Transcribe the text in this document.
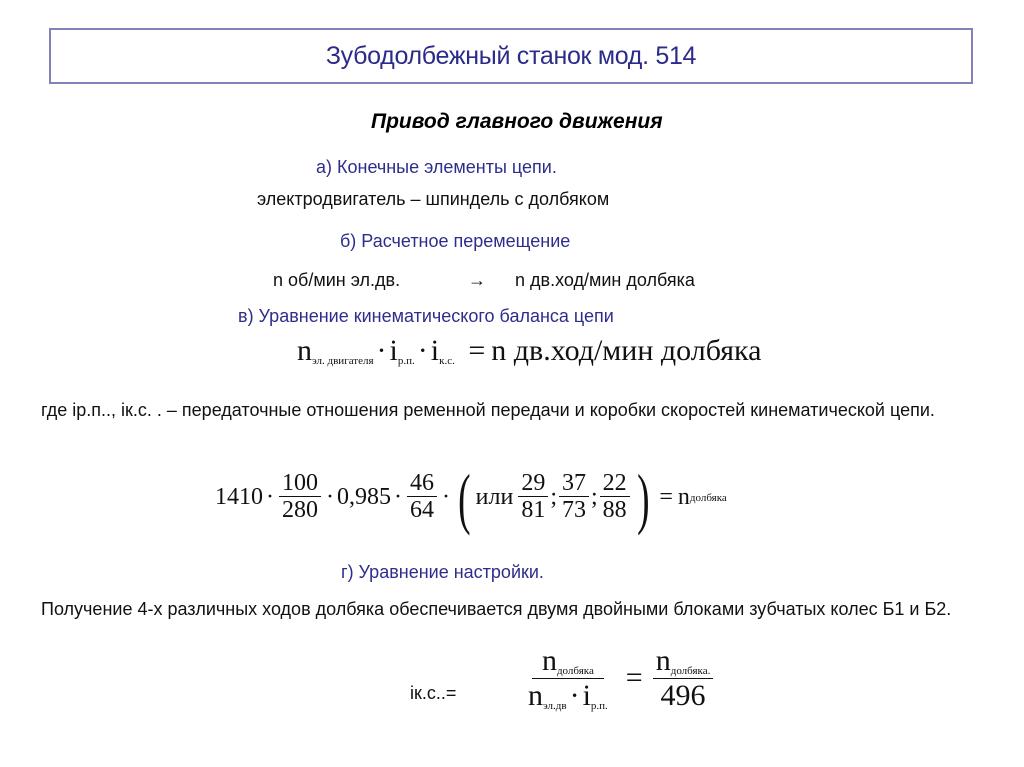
Зубодолбежный станок мод. 514
Привод главного движения
а) Конечные элементы цепи.
электродвигатель – шпиндель с долбяком
б) Расчетное перемещение
n об/мин эл.дв.	→ n дв.ход/мин долбяка
в) Уравнение кинематического баланса цепи
$n_{эл. двигателя} \cdot i_{р.п.} \cdot i_{к.с.} = n$ дв.ход/мин долбяка
где iр.п.., iк.с. . – передаточные отношения ременной передачи и коробки скоростей кинематической цепи.
$1410 \cdot \frac{100}{280} \cdot 0,985 \cdot \frac{46}{64}$ · ( или $\frac{29}{81}$ ; $\frac{37}{73}$ ; $\frac{22}{88}$ ) = n долбяка
г) Уравнение настройки.
Получение 4-х различных ходов долбяка обеспечивается двумя двойными блоками зубчатых колес Б1 и Б2.
$iк.с..= \frac{n_{долбяка}}{n_{эл.дв} \cdot i_{р.п.}} = \frac{n_{долбяка.}}{496}$
